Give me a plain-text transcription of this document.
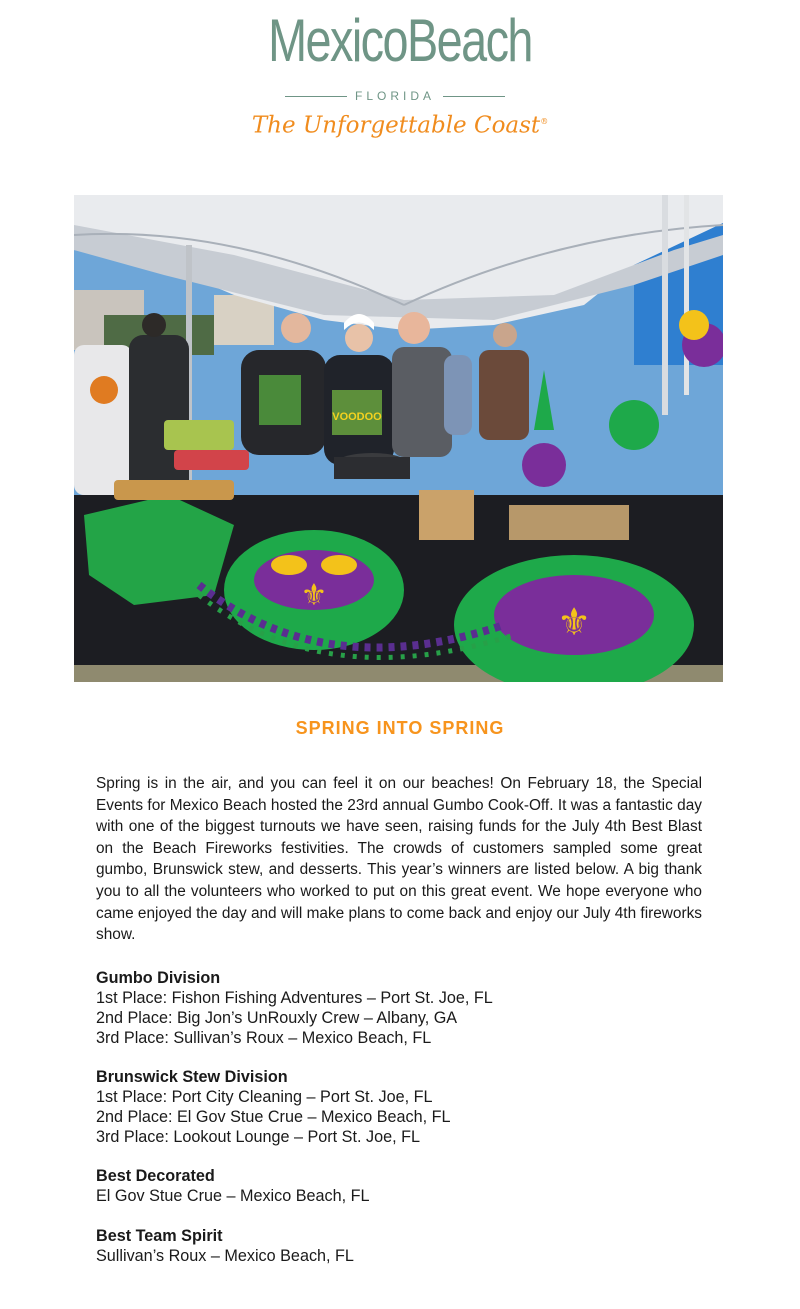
MexicoBeach
FLORIDA
The Unforgettable Coast®
VOODOO
⚜
⚜
SPRING INTO SPRING

Spring is in the air, and you can feel it on our beaches! On February 18, the Special Events for Mexico Beach hosted the 23rd annual Gumbo Cook-Off. It was a fantastic day with one of the biggest turnouts we have seen, raising funds for the July 4th Best Blast on the Beach Fireworks festivities. The crowds of customers sampled some great gumbo, Brunswick stew, and desserts. This year’s winners are listed below. A big thank you to all the volunteers who worked to put on this great event. We hope everyone who came enjoyed the day and will make plans to come back and enjoy our July 4th fireworks show.

Gumbo Division
1st Place: Fishon Fishing Adventures – Port St. Joe, FL
2nd Place: Big Jon’s UnRouxly Crew – Albany, GA
3rd Place: Sullivan’s Roux – Mexico Beach, FL
Brunswick Stew Division
1st Place: Port City Cleaning – Port St. Joe, FL
2nd Place: El Gov Stue Crue – Mexico Beach, FL
3rd Place: Lookout Lounge – Port St. Joe, FL
Best Decorated
El Gov Stue Crue – Mexico Beach, FL
Best Team Spirit
Sullivan’s Roux – Mexico Beach, FL
